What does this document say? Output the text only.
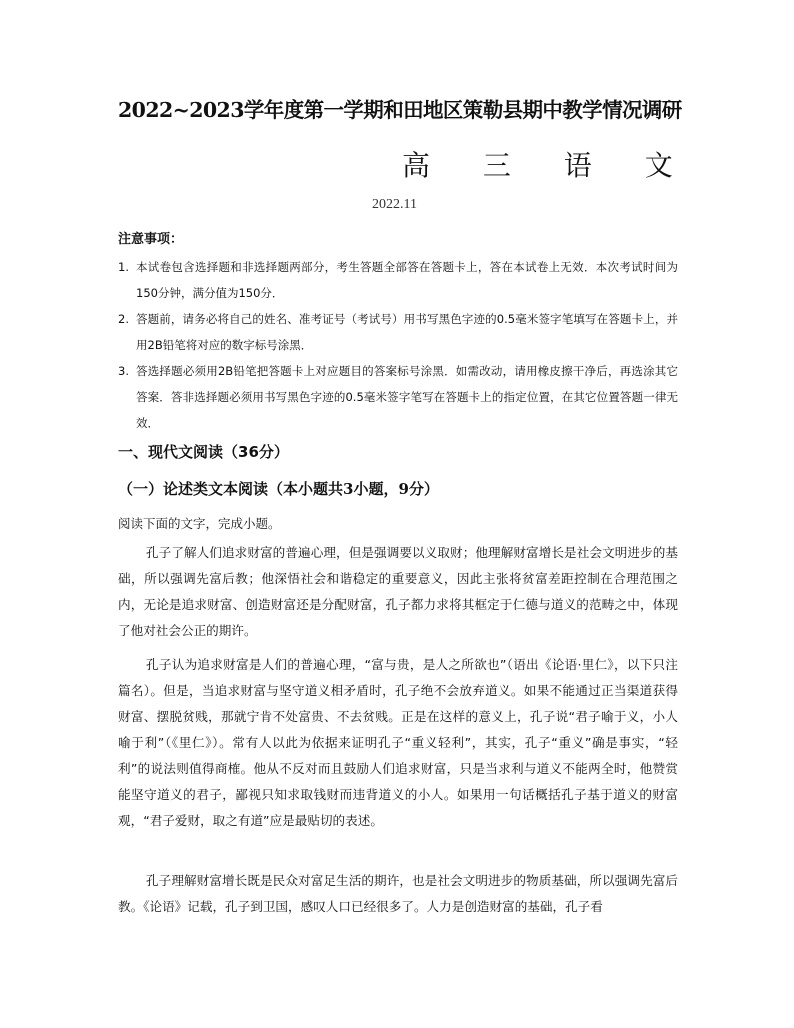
2022~2023学年度第一学期和田地区策勒县期中教学情况调研
高 三 语 文
2022.11
注意事项：
1. 本试卷包含选择题和非选择题两部分，考生答题全部答在答题卡上，答在本试卷上无效．本次考试时间为150分钟，满分值为150分．
2. 答题前，请务必将自己的姓名、准考证号（考试号）用书写黑色字迹的0.5毫米签字笔填写在答题卡上，并用2B铅笔将对应的数字标号涂黑．
3. 答选择题必须用2B铅笔把答题卡上对应题目的答案标号涂黑．如需改动，请用橡皮擦干净后，再选涂其它答案．答非选择题必须用书写黑色字迹的0.5毫米签字笔写在答题卡上的指定位置，在其它位置答题一律无效．
一、现代文阅读（36分）
（一）论述类文本阅读（本小题共3小题，9分）
阅读下面的文字，完成小题。

孔子了解人们追求财富的普遍心理，但是强调要以义取财；他理解财富增长是社会文明进步的基础，所以强调先富后教；他深悟社会和谐稳定的重要意义，因此主张将贫富差距控制在合理范围之内，无论是追求财富、创造财富还是分配财富，孔子都力求将其框定于仁德与道义的范畴之中，体现了他对社会公正的期许。

孔子认为追求财富是人们的普遍心理，“富与贵，是人之所欲也”（语出《论语·里仁》，以下只注篇名）。但是，当追求财富与坚守道义相矛盾时，孔子绝不会放弃道义。如果不能通过正当渠道获得财富、摆脱贫贱，那就宁肯不处富贵、不去贫贱。正是在这样的意义上，孔子说“君子喻于义，小人喻于利”（《里仁》）。常有人以此为依据来证明孔子“重义轻利”，其实，孔子“重义”确是事实，“轻利”的说法则值得商榷。他从不反对而且鼓励人们追求财富，只是当求利与道义不能两全时，他赞赏能坚守道义的君子，鄙视只知求取钱财而违背道义的小人。如果用一句话概括孔子基于道义的财富观，“君子爱财，取之有道”应是最贴切的表述。

孔子理解财富增长既是民众对富足生活的期许，也是社会文明进步的物质基础，所以强调先富后教。《论语》记载，孔子到卫国，感叹人口已经很多了。人力是创造财富的基础，孔子看
